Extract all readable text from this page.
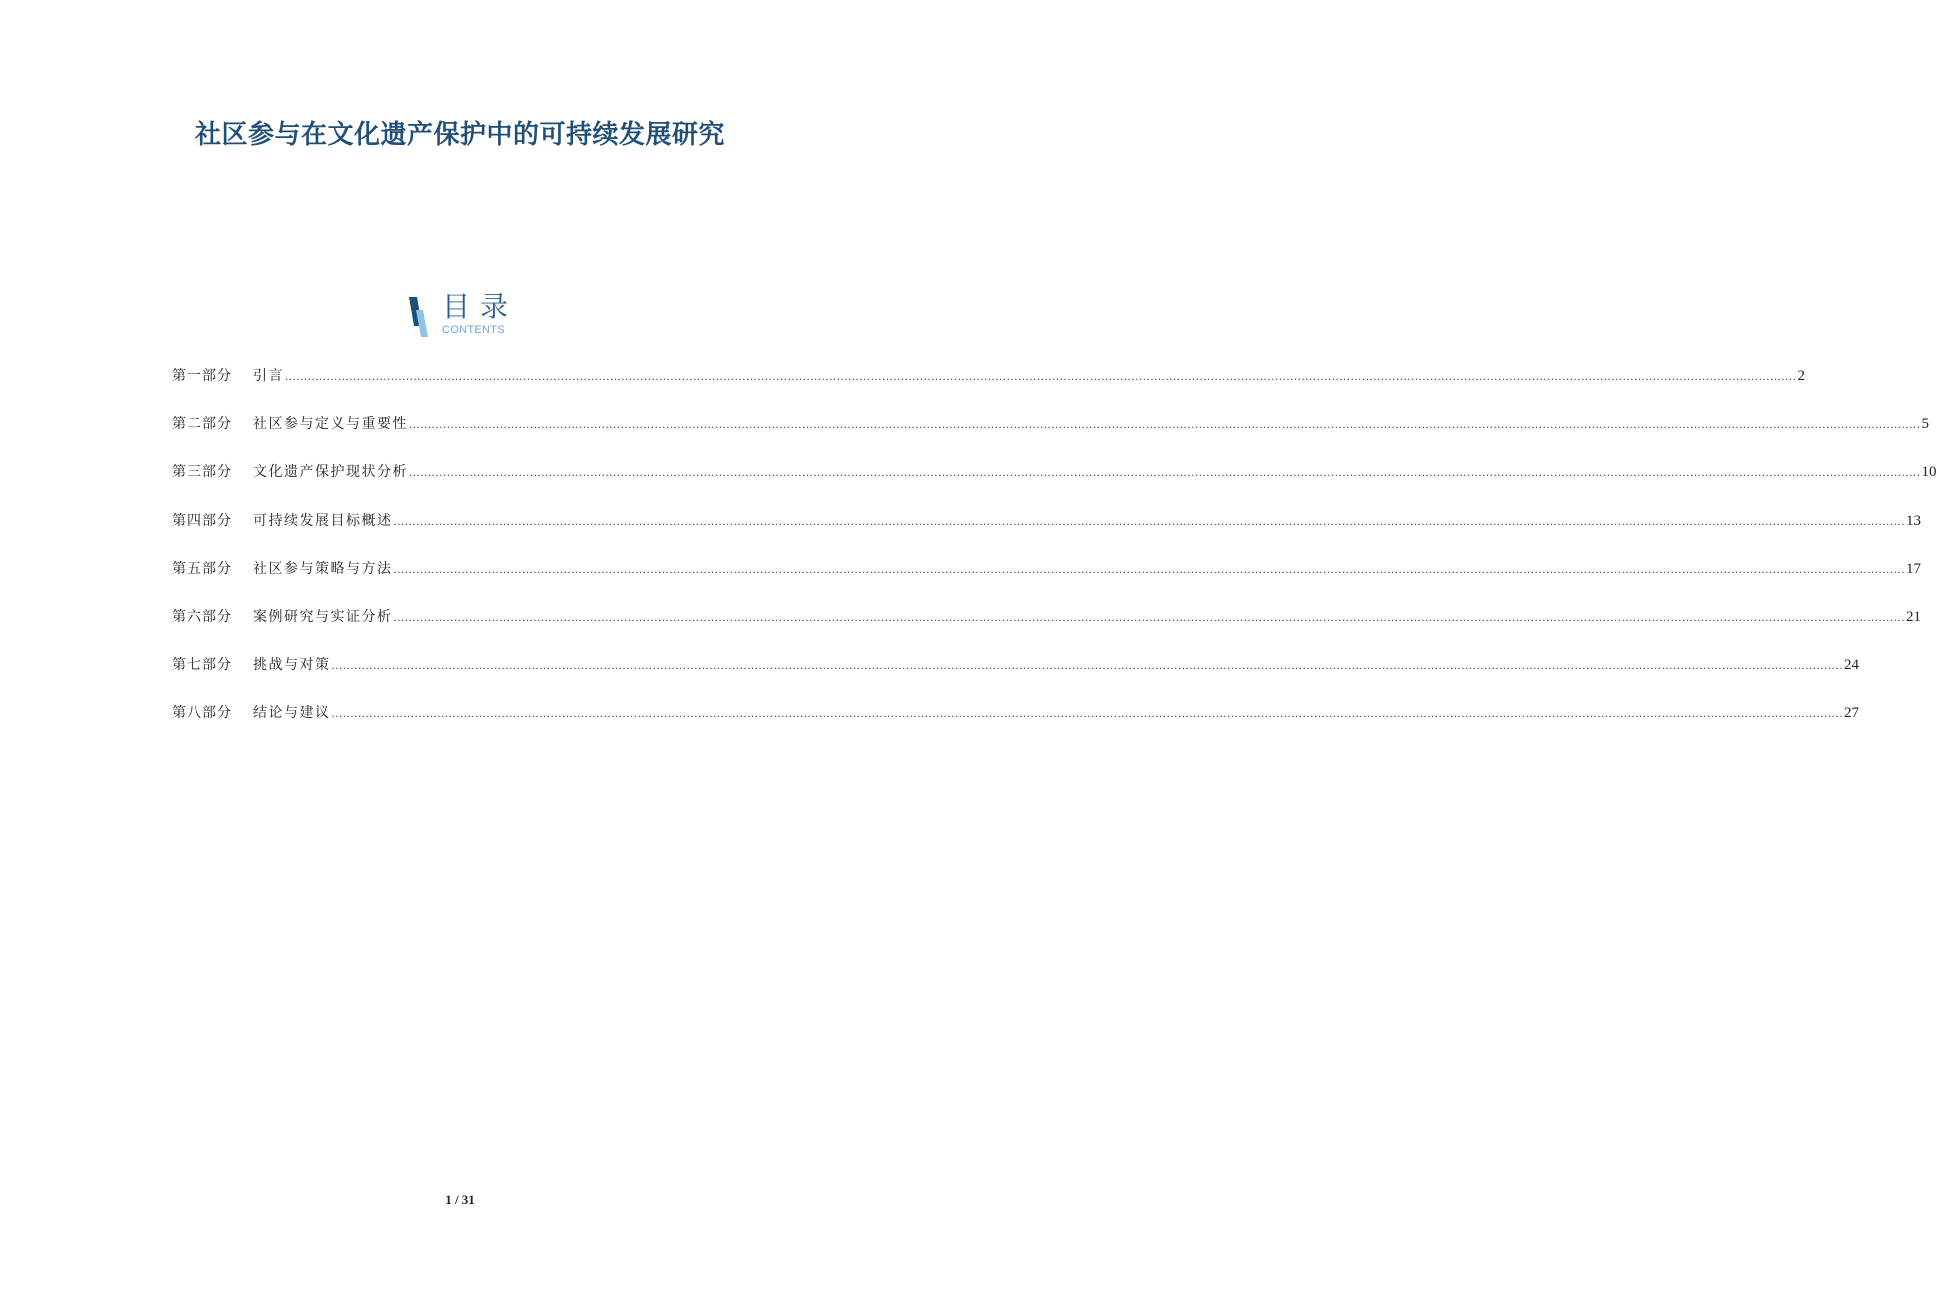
社区参与在文化遗产保护中的可持续发展研究
目录
CONTENTS
第一部分	引言 ................................................................................................................................................................................................................................................................................................................................................................................................................ 2
第二部分	社区参与定义与重要性 ................................................................................................................................................................................................................................................................................................................................................................................................................ 5
第三部分	文化遗产保护现状分析 ................................................................................................................................................................................................................................................................................................................................................................................................................ 10
第四部分	可持续发展目标概述 ................................................................................................................................................................................................................................................................................................................................................................................................................ 13
第五部分	社区参与策略与方法 ................................................................................................................................................................................................................................................................................................................................................................................................................ 17
第六部分	案例研究与实证分析 ................................................................................................................................................................................................................................................................................................................................................................................................................ 21
第七部分	挑战与对策 ................................................................................................................................................................................................................................................................................................................................................................................................................ 24
第八部分	结论与建议 ................................................................................................................................................................................................................................................................................................................................................................................................................ 27
1 / 31
